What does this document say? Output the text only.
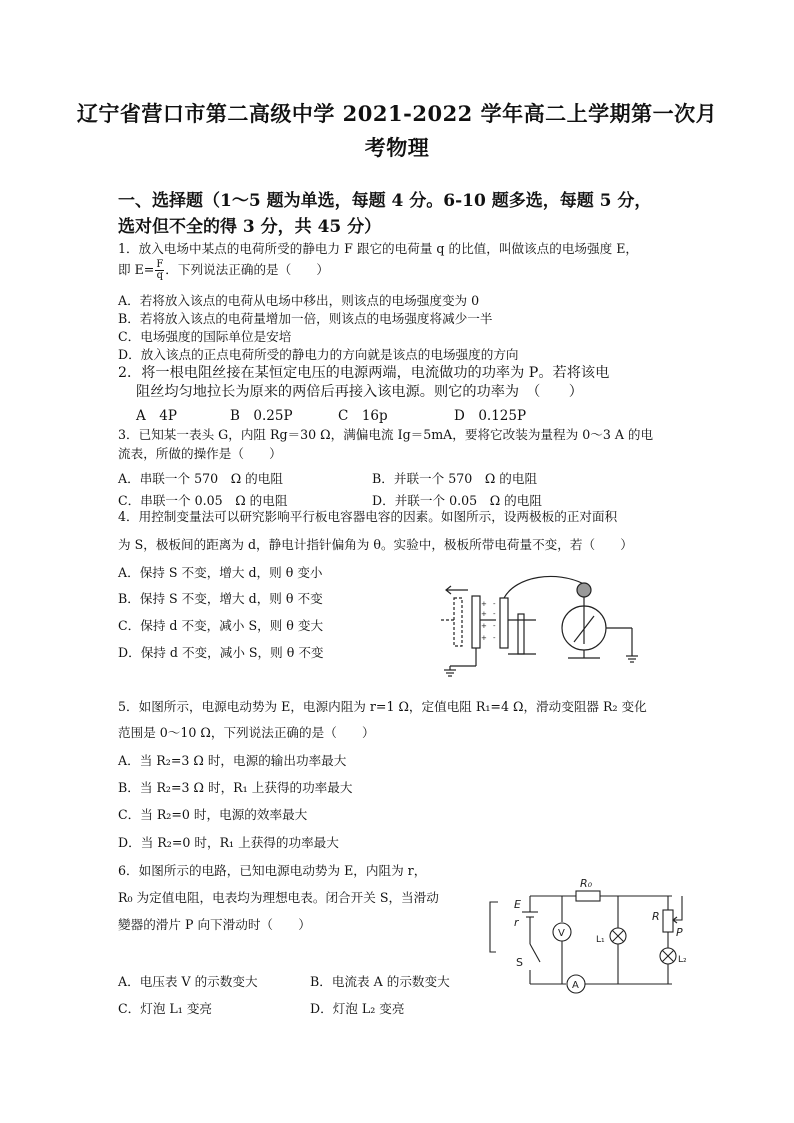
辽宁省营口市第二高级中学 2021-2022 学年高二上学期第一次月
考物理
一、选择题（1～5 题为单选，每题 4 分。6-10 题多选，每题 5 分，
选对但不全的得 3 分，共 45 分）
1．放入电场中某点的电荷所受的静电力 F 跟它的电荷量 q 的比值，叫做该点的电场强度 E，
即 $E= \frac{F}{q}$ ．下列说法正确的是（　　）
A．若将放入该点的电荷从电场中移出，则该点的电场强度变为 0
B．若将放入该点的电荷量增加一倍，则该点的电场强度将减少一半
C．电场强度的国际单位是安培
D．放入该点的正点电荷所受的静电力的方向就是该点的电场强度的方向
2．将一根电阻丝接在某恒定电压的电源两端，电流做功的功率为 P。若将该电
阻丝均匀地拉长为原来的两倍后再接入该电源。则它的功率为　（　　）
A　4P	B　0.25P	C　16p	D　0.125P
3．已知某一表头 G，内阻 Rg＝30 Ω，满偏电流 Ig＝5mA，要将它改装为量程为 0～3 A 的电
流表，所做的操作是（　　）
A．串联一个 570　Ω 的电阻	B．并联一个 570　Ω 的电阻
C．串联一个 0.05　Ω 的电阻	D．并联一个 0.05　Ω 的电阻
4．用控制变量法可以研究影响平行板电容器电容的因素。如图所示，设两极板的正对面积
为 S，极板间的距离为 d，静电计指针偏角为 θ。实验中，极板所带电荷量不变，若（　　）
A．保持 S 不变，增大 d，则 θ 变小
B．保持 S 不变，增大 d，则 θ 不变
C．保持 d 不变，减小 S，则 θ 变大
D．保持 d 不变，减小 S，则 θ 不变
+
+
+
+
-
-
-
-
5．如图所示，电源电动势为 E，电源内阻为 r=1 Ω，定值电阻 R₁=4 Ω，滑动变阻器 R₂ 变化
范围是 0～10 Ω，下列说法正确的是（　　）
A．当 R₂=3 Ω 时，电源的输出功率最大
B．当 R₂=3 Ω 时，R₁ 上获得的功率最大
C．当 R₂=0 时，电源的效率最大
D．当 R₂=0 时，R₁ 上获得的功率最大
6．如图所示的电路，已知电源电动势为 E，内阻为 r，
R₀ 为定值电阻，电表均为理想电表。闭合开关 S，当滑动
變器的滑片 P 向下滑动时（　　）
A．电压表 V 的示数变大	B．电流表 A 的示数变大
C．灯泡 L₁ 变亮	D．灯泡 L₂ 变亮
E
r
R₀
R
P
V
A
S
L₁
L₂
